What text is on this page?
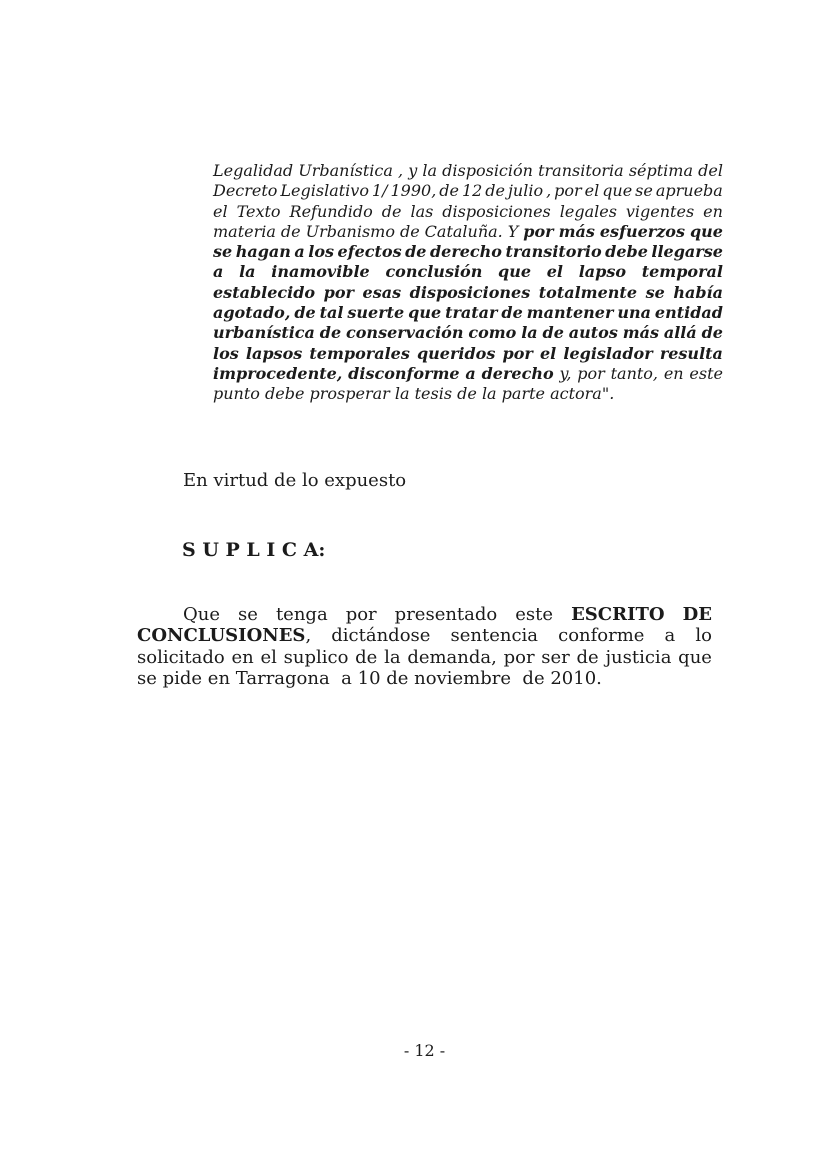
Legalidad Urbanística , y la disposición transitoria séptima del
Decreto Legislativo 1/ 1990, de 12 de julio , por el que se aprueba
el Texto Refundido de las disposiciones legales vigentes en
materia de Urbanismo de Cataluña. Y por más esfuerzos que
se hagan a los efectos de derecho transitorio debe llegarse
a la inamovible conclusión que el lapso temporal
establecido por esas disposiciones totalmente se había
agotado, de tal suerte que tratar de mantener una entidad
urbanística de conservación como la de autos más allá de
los lapsos temporales queridos por el legislador resulta
improcedente, disconforme a derecho y, por tanto, en este
punto debe prosperar la tesis de la parte actora".
En virtud de lo expuesto
S U P L I C A:
Que se tenga por presentado este ESCRITO DE
CONCLUSIONES, dictándose sentencia conforme a lo
solicitado en el suplico de la demanda, por ser de justicia que
se pide en Tarragona  a 10 de noviembre  de 2010.
- 12 -
